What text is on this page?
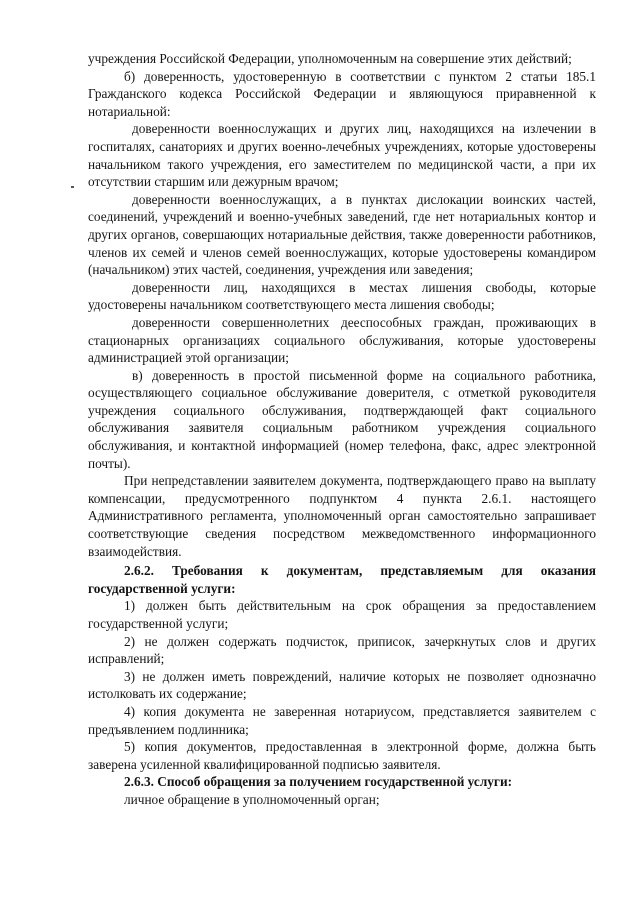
учреждения Российской Федерации, уполномоченным на совершение этих действий;

б) доверенность, удостоверенную в соответствии с пунктом 2 статьи 185.1 Гражданского кодекса Российской Федерации и являющуюся приравненной к нотариальной:

доверенности военнослужащих и других лиц, находящихся на излечении в госпиталях, санаториях и других военно-лечебных учреждениях, которые удостоверены начальником такого учреждения, его заместителем по медицинской части, а при их отсутствии старшим или дежурным врачом;

доверенности военнослужащих, а в пунктах дислокации воинских частей, соединений, учреждений и военно-учебных заведений, где нет нотариальных контор и других органов, совершающих нотариальные действия, также доверенности работников, членов их семей и членов семей военнослужащих, которые удостоверены командиром (начальником) этих частей, соединения, учреждения или заведения;

доверенности лиц, находящихся в местах лишения свободы, которые удостоверены начальником соответствующего места лишения свободы;

доверенности совершеннолетних дееспособных граждан, проживающих в стационарных организациях социального обслуживания, которые удостоверены администрацией этой организации;

в) доверенность в простой письменной форме на социального работника, осуществляющего социальное обслуживание доверителя, с отметкой руководителя учреждения социального обслуживания, подтверждающей факт социального обслуживания заявителя социальным работником учреждения социального обслуживания, и контактной информацией (номер телефона, факс, адрес электронной почты).

При непредставлении заявителем документа, подтверждающего право на выплату компенсации, предусмотренного подпунктом 4 пункта 2.6.1. настоящего Административного регламента, уполномоченный орган самостоятельно запрашивает соответствующие сведения посредством межведомственного информационного взаимодействия.

2.6.2. Требования к документам, представляемым для оказания государственной услуги:

1) должен быть действительным на срок обращения за предоставлением государственной услуги;

2) не должен содержать подчисток, приписок, зачеркнутых слов и других исправлений;

3) не должен иметь повреждений, наличие которых не позволяет однозначно истолковать их содержание;

4) копия документа не заверенная нотариусом, представляется заявителем с предъявлением подлинника;

5) копия документов, предоставленная в электронной форме, должна быть заверена усиленной квалифицированной подписью заявителя.

2.6.3. Способ обращения за получением государственной услуги:

личное обращение в уполномоченный орган;
